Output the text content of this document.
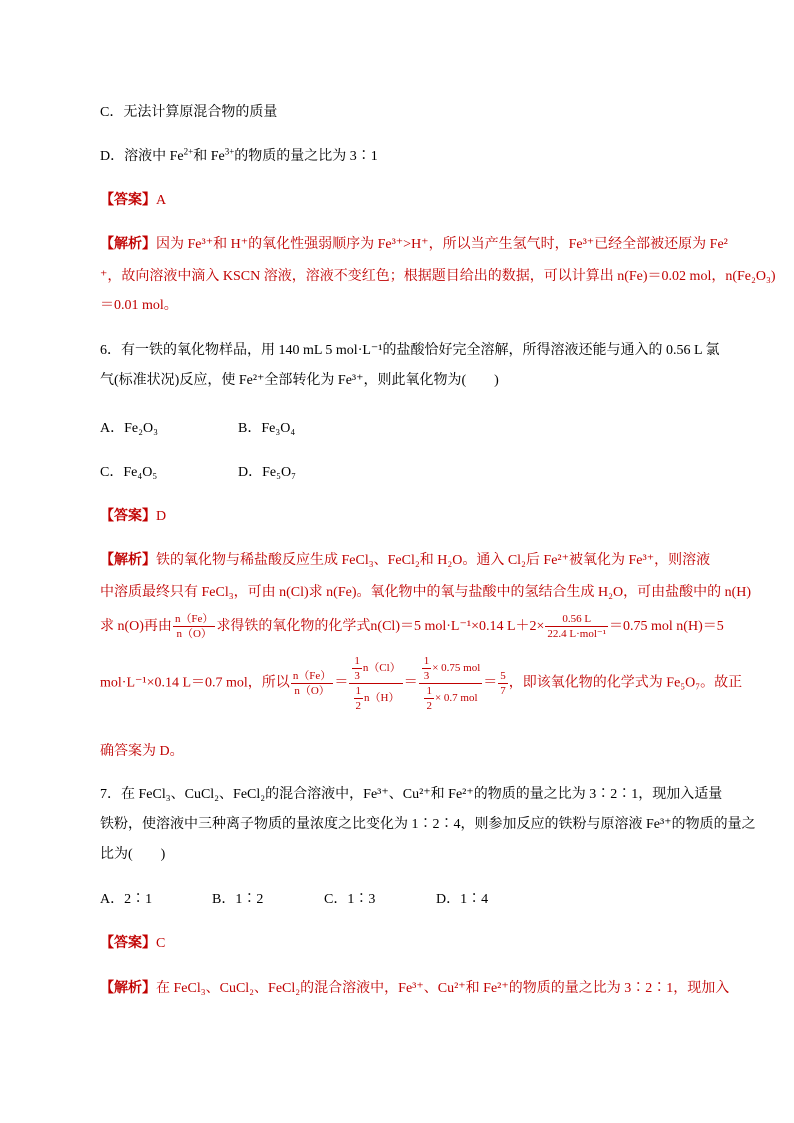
C．无法计算原混合物的质量
D．溶液中 $Fe^{2+}$和 $Fe^{3+}$的物质的量之比为 3∶1
【答案】A
【解析】因为 Fe³⁺和 H⁺的氧化性强弱顺序为 Fe³⁺>H⁺，所以当产生氢气时，Fe³⁺已经全部被还原为 Fe²
⁺，故向溶液中滴入 KSCN 溶液，溶液不变红色；根据题目给出的数据，可以计算出 n(Fe)＝0.02 mol，n(Fe₂O₃)
＝0.01 mol。
6．有一铁的氧化物样品，用 140 mL 5 mol·L⁻¹的盐酸恰好完全溶解，所得溶液还能与通入的 0.56 L 氯
气(标准状况)反应，使 Fe²⁺全部转化为 Fe³⁺，则此氧化物为(　　)
A．Fe₂O₃	B．Fe₃O₄
C．Fe₄O₅	D．Fe₅O₇
【答案】D
【解析】铁的氧化物与稀盐酸反应生成 FeCl₃、FeCl₂和 H₂O。通入 Cl₂后 Fe²⁺被氧化为 Fe³⁺，则溶液
中溶质最终只有 FeCl₃，可由 n(Cl)求 n(Fe)。氧化物中的氧与盐酸中的氢结合生成 H₂O，可由盐酸中的 n(H)
求 n(O)再由 $\frac{n(Fe)}{n(O)}$ 求得铁的氧化物的化学式n(Cl)＝5 mol·L⁻¹×0.14 $L+2\times \frac{0.56 L}{\text{22.4 L·mol⁻¹}} =0.75$ mol n(H)＝5
mol·L⁻¹×0.14 L＝0.7 mol，所以 $\frac{n(Fe)}{n(O)} = \frac{\frac{1}{3} n(Cl)}{\frac{1}{2} n(H)} = \frac{\frac{1}{3} \times 0.75 mol}{\frac{1}{2} \times 0.7 mol} = \frac{5}{7}$ ，即该氧化物的化学式为 Fe₅O₇。故正
确答案为 D。
7．在 FeCl₃、CuCl₂、FeCl₂的混合溶液中，Fe³⁺、Cu²⁺和 Fe²⁺的物质的量之比为 3∶2∶1，现加入适量
铁粉，使溶液中三种离子物质的量浓度之比变化为 1∶2∶4，则参加反应的铁粉与原溶液 Fe³⁺的物质的量之
比为(　　)
A．2∶1	B．1∶2	C．1∶3	D．1∶4
【答案】C
【解析】在 FeCl₃、CuCl₂、FeCl₂的混合溶液中，Fe³⁺、Cu²⁺和 Fe²⁺的物质的量之比为 3∶2∶1，现加入
